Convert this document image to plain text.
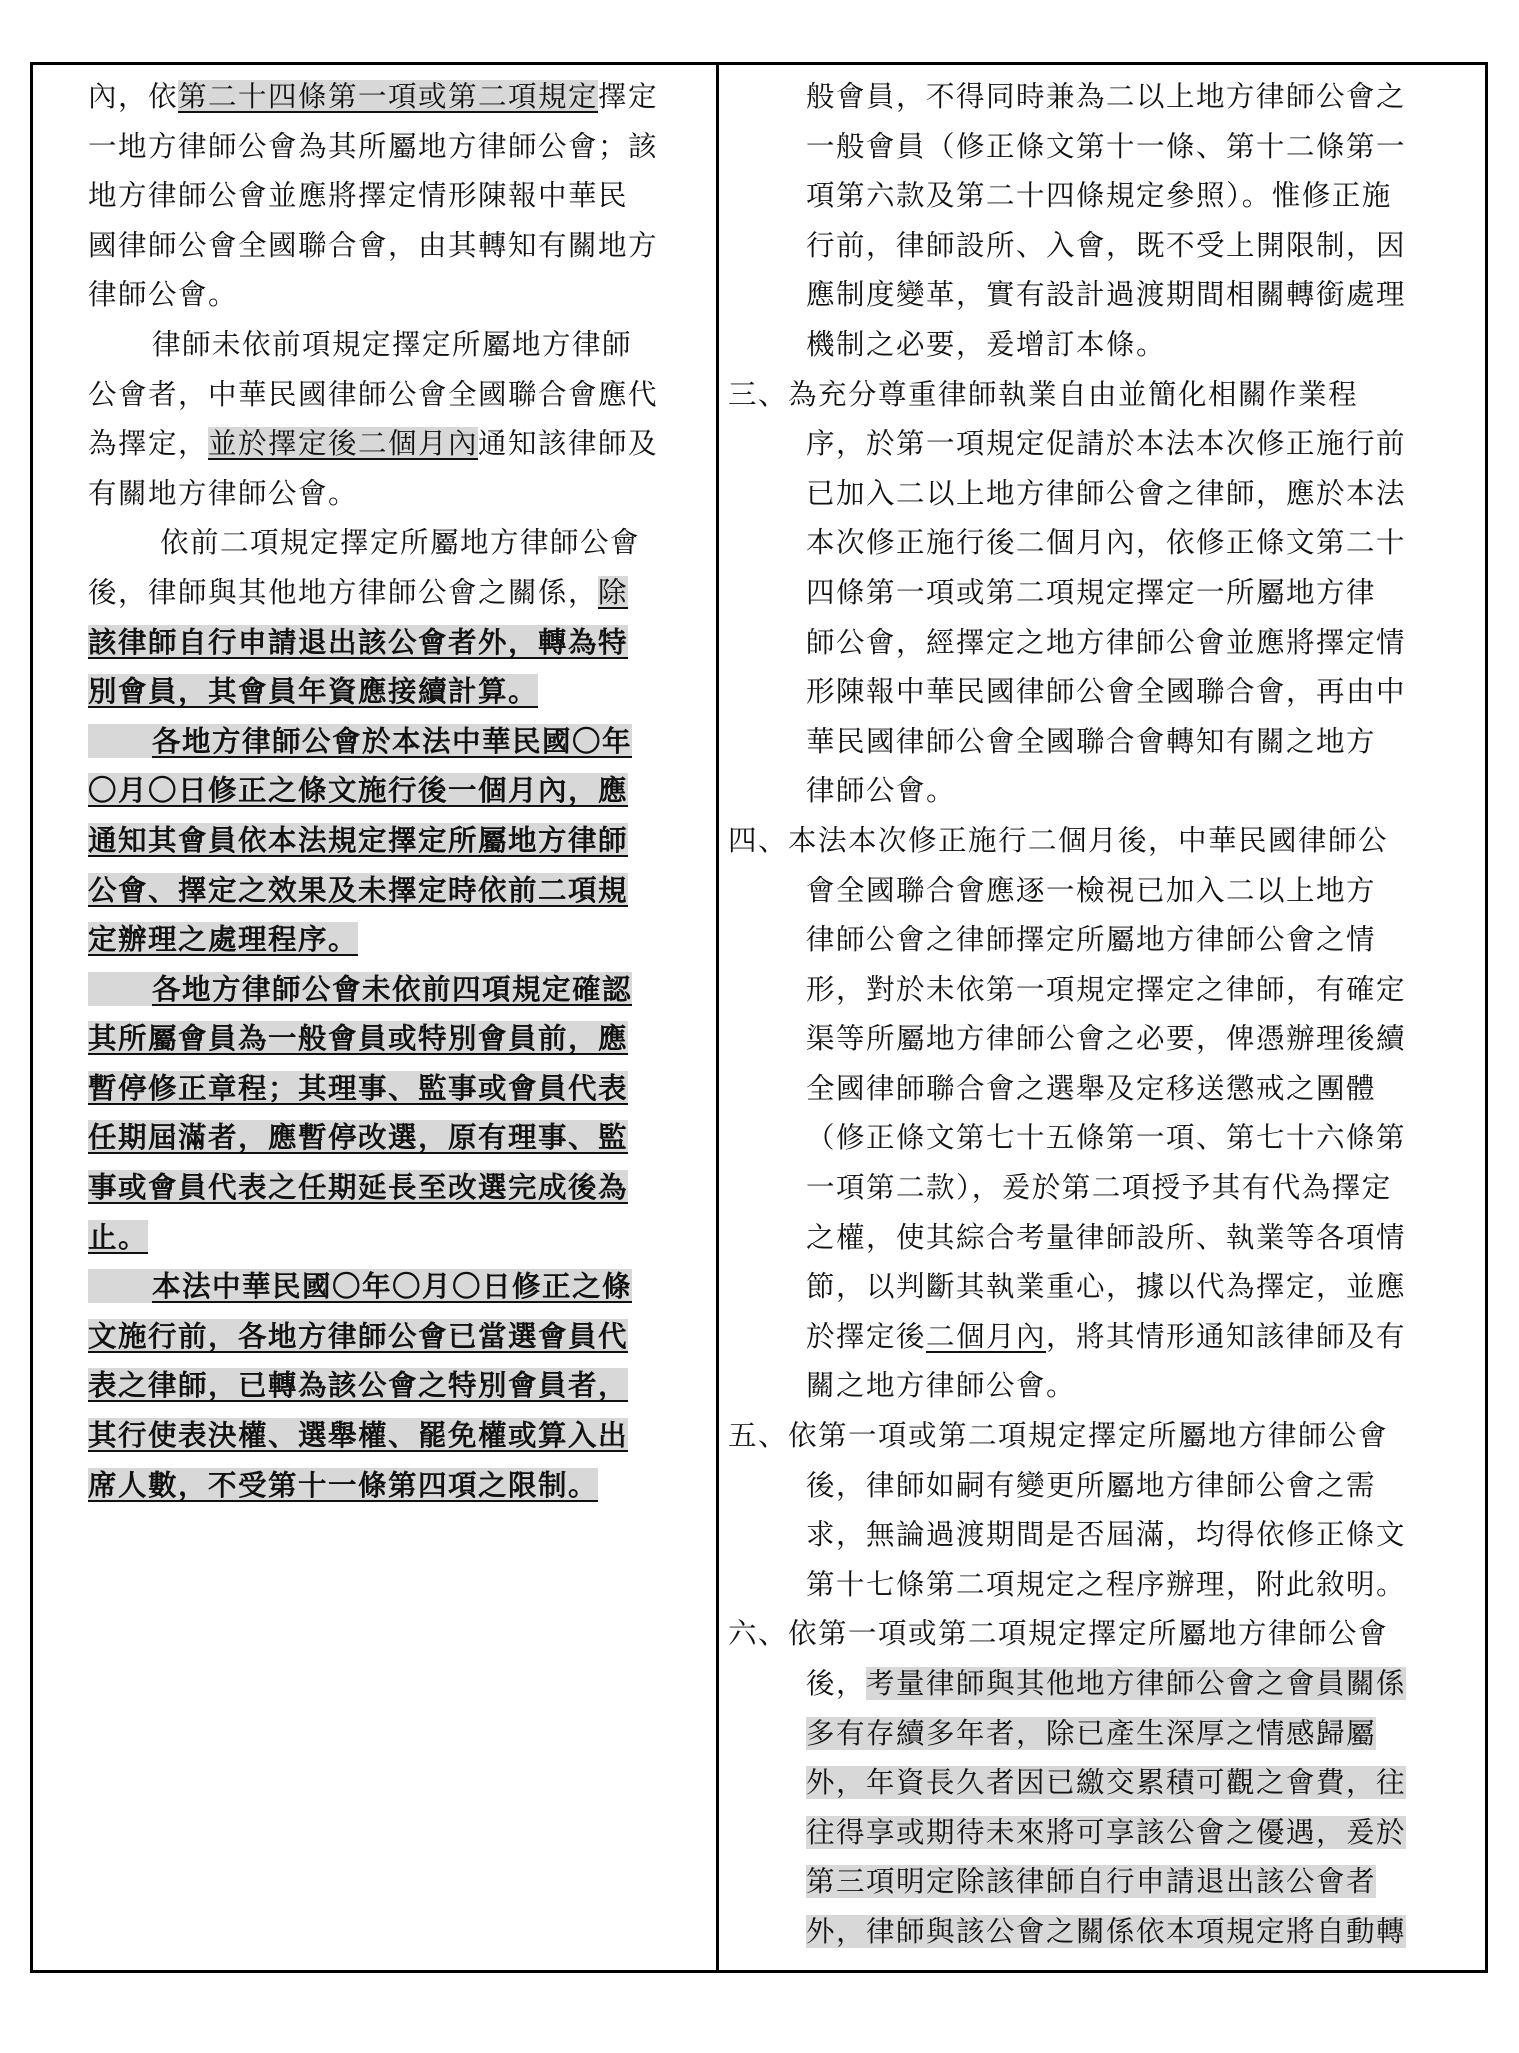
內，依第二十四條第一項或第二項規定擇定
一地方律師公會為其所屬地方律師公會；該
地方律師公會並應將擇定情形陳報中華民
國律師公會全國聯合會，由其轉知有關地方
律師公會。
律師未依前項規定擇定所屬地方律師
公會者，中華民國律師公會全國聯合會應代
為擇定，並於擇定後二個月內通知該律師及
有關地方律師公會。
依前二項規定擇定所屬地方律師公會
後，律師與其他地方律師公會之關係，除
該律師自行申請退出該公會者外，轉為特
別會員，其會員年資應接續計算。
各地方律師公會於本法中華民國〇年
〇月〇日修正之條文施行後一個月內，應
通知其會員依本法規定擇定所屬地方律師
公會、擇定之效果及未擇定時依前二項規
定辦理之處理程序。
各地方律師公會未依前四項規定確認
其所屬會員為一般會員或特別會員前，應
暫停修正章程；其理事、監事或會員代表
任期屆滿者，應暫停改選，原有理事、監
事或會員代表之任期延長至改選完成後為
止。
本法中華民國〇年〇月〇日修正之條
文施行前，各地方律師公會已當選會員代
表之律師，已轉為該公會之特別會員者，
其行使表決權、選舉權、罷免權或算入出
席人數，不受第十一條第四項之限制。
般會員，不得同時兼為二以上地方律師公會之
一般會員（修正條文第十一條、第十二條第一
項第六款及第二十四條規定參照）。惟修正施
行前，律師設所、入會，既不受上開限制，因
應制度變革，實有設計過渡期間相關轉銜處理
機制之必要，爰增訂本條。
三、為充分尊重律師執業自由並簡化相關作業程
序，於第一項規定促請於本法本次修正施行前
已加入二以上地方律師公會之律師，應於本法
本次修正施行後二個月內，依修正條文第二十
四條第一項或第二項規定擇定一所屬地方律
師公會，經擇定之地方律師公會並應將擇定情
形陳報中華民國律師公會全國聯合會，再由中
華民國律師公會全國聯合會轉知有關之地方
律師公會。
四、本法本次修正施行二個月後，中華民國律師公
會全國聯合會應逐一檢視已加入二以上地方
律師公會之律師擇定所屬地方律師公會之情
形，對於未依第一項規定擇定之律師，有確定
渠等所屬地方律師公會之必要，俾憑辦理後續
全國律師聯合會之選舉及定移送懲戒之團體
（修正條文第七十五條第一項、第七十六條第
一項第二款），爰於第二項授予其有代為擇定
之權，使其綜合考量律師設所、執業等各項情
節，以判斷其執業重心，據以代為擇定，並應
於擇定後二個月內，將其情形通知該律師及有
關之地方律師公會。
五、依第一項或第二項規定擇定所屬地方律師公會
後，律師如嗣有變更所屬地方律師公會之需
求，無論過渡期間是否屆滿，均得依修正條文
第十七條第二項規定之程序辦理，附此敘明。
六、依第一項或第二項規定擇定所屬地方律師公會
後，考量律師與其他地方律師公會之會員關係
多有存續多年者，除已產生深厚之情感歸屬
外，年資長久者因已繳交累積可觀之會費，往
往得享或期待未來將可享該公會之優遇，爰於
第三項明定除該律師自行申請退出該公會者
外，律師與該公會之關係依本項規定將自動轉
